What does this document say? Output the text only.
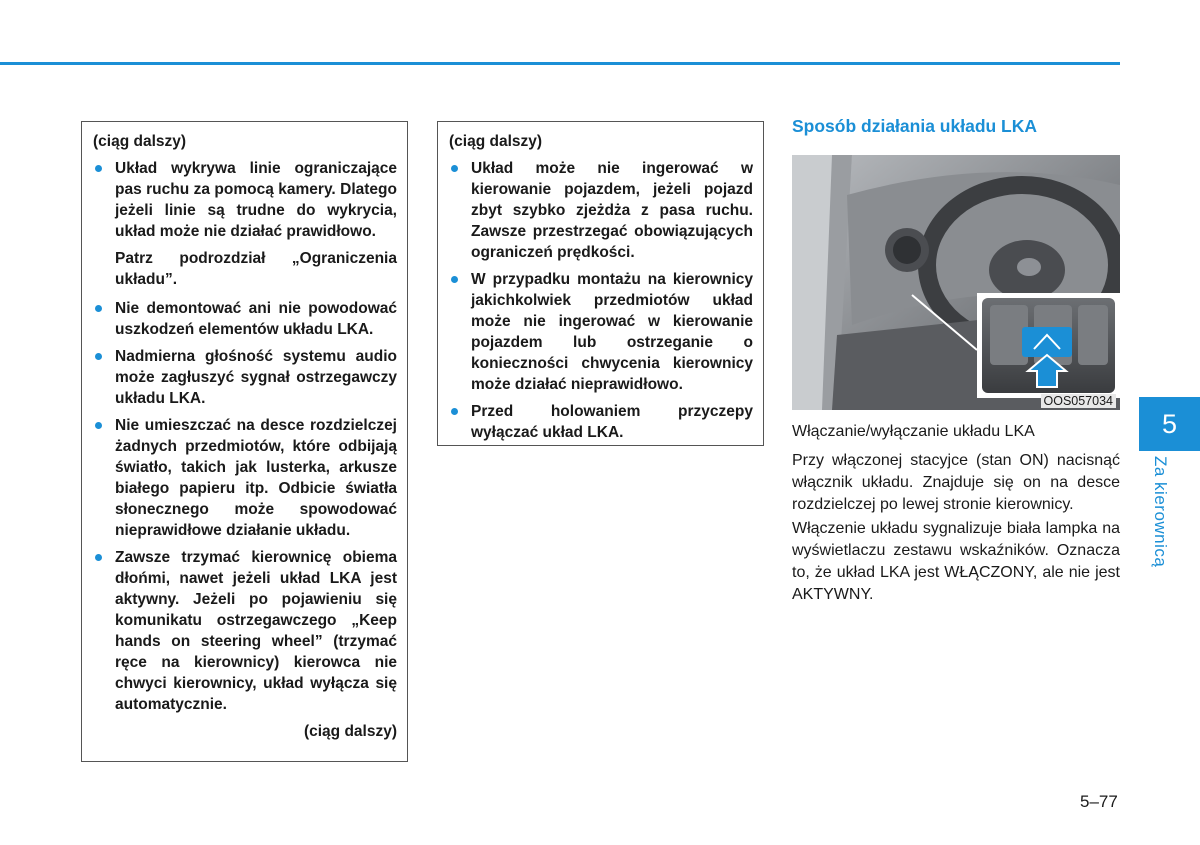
(ciąg dalszy)

Układ wykrywa linie ograniczające pas ruchu za pomocą kamery. Dlatego jeżeli linie są trudne do wykrycia, układ może nie działać prawidłowo.

Patrz podrozdział „Ograniczenia układu”.

Nie demontować ani nie powodować uszkodzeń elementów układu LKA.
Nadmierna głośność systemu audio może zagłuszyć sygnał ostrzegawczy układu LKA.
Nie umieszczać na desce rozdzielczej żadnych przedmiotów, które odbijają światło, takich jak lusterka, arkusze białego papieru itp. Odbicie światła słonecznego może spowodować nieprawidłowe działanie układu.
Zawsze trzymać kierownicę obiema dłońmi, nawet jeżeli układ LKA jest aktywny. Jeżeli po pojawieniu się komunikatu ostrzegawczego „Keep hands on steering wheel” (trzymać ręce na kierownicy) kierowca nie chwyci kierownicy, układ wyłącza się automatycznie.

(ciąg dalszy)

(ciąg dalszy)

Układ może nie ingerować w kierowanie pojazdem, jeżeli pojazd zbyt szybko zjeżdża z pasa ruchu. Zawsze przestrzegać obowiązujących ograniczeń prędkości.
W przypadku montażu na kierownicy jakichkolwiek przedmiotów układ może nie ingerować w kierowanie pojazdem lub ostrzeganie o konieczności chwycenia kierownicy może działać nieprawidłowo.
Przed holowaniem przyczepy wyłączać układ LKA.
Sposób działania układu LKA
OOS057034

Włączanie/wyłączanie układu LKA

Przy włączonej stacyjce (stan ON) nacisnąć włącznik układu. Znajduje się on na desce rozdzielczej po lewej stronie kierownicy.

Włączenie układu sygnalizuje biała lampka na wyświetlaczu zestawu wskaźników. Oznacza to, że układ LKA jest WŁĄCZONY, ale nie jest AKTYWNY.

5
Za kierownicą
5–77
